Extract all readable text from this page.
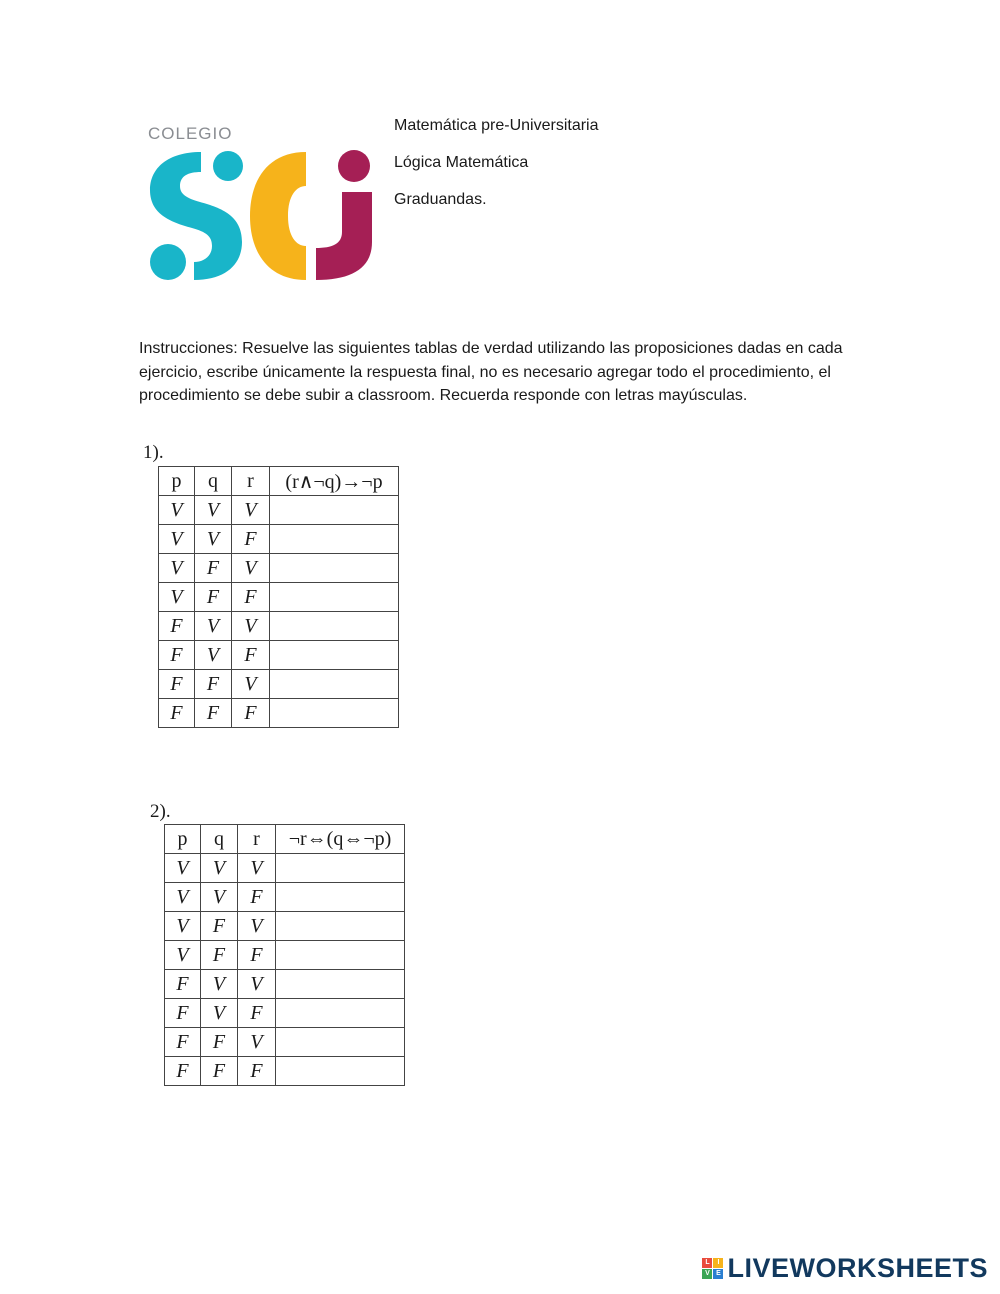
COLEGIO	Matemática pre-Universitaria
Lógica Matemática
Graduandas.
Instrucciones: Resuelve las siguientes tablas de verdad utilizando las proposiciones dadas en cada ejercicio, escribe únicamente la respuesta final, no es necesario agregar todo el procedimiento, el procedimiento se debe subir a classroom. Recuerda responde con letras mayúsculas.
1).
p	q	r	(r∧¬q)→¬p
V	V	V	
V	V	F	
V	F	V	
V	F	F	
F	V	V	
F	V	F	
F	F	V	
F	F	F	
2).
p	q	r	¬r⇔(q⇔¬p)
V	V	V	
V	V	F	
V	F	V	
V	F	F	
F	V	V	
F	V	F	
F	F	V	
F	F	F	
L	I
V E LIVEWORKSHEETS
